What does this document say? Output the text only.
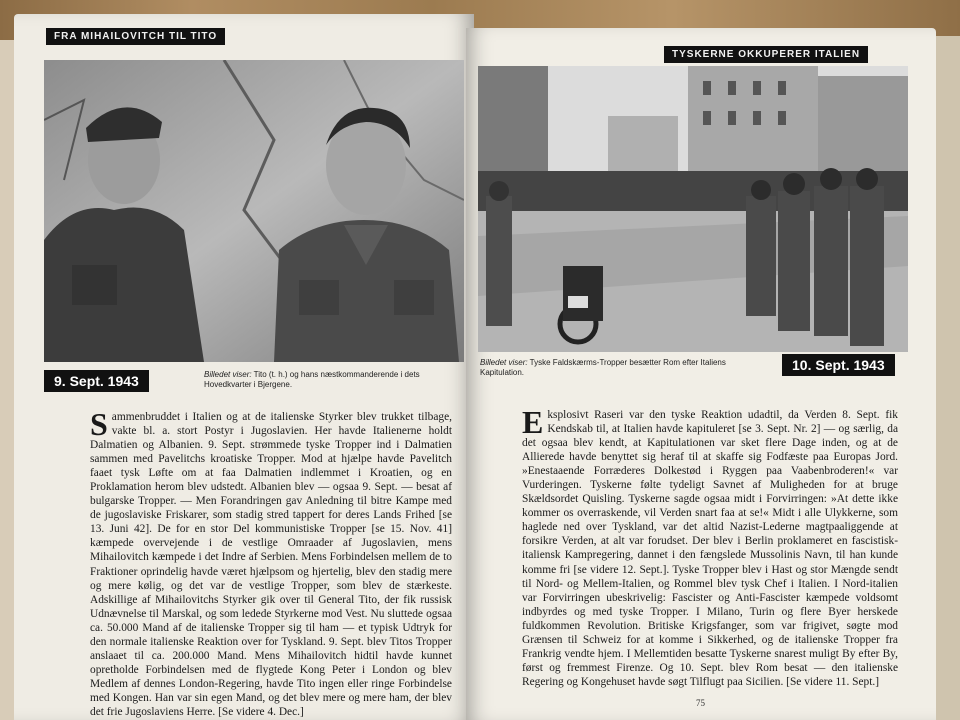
FRA MIHAILOVITCH TIL TITO
9. Sept. 1943	Billedet viser: Tito (t. h.) og hans næstkommanderende i dets Hovedkvarter i Bjergene.

Sammenbruddet i Italien og at de italienske Styrker blev trukket tilbage, vakte bl. a. stort Postyr i Jugoslavien. Her havde Italienerne holdt Dalmatien og Albanien. 9. Sept. strømmede tyske Tropper ind i Dalmatien sammen med Pavelitchs kroatiske Tropper. Mod at hjælpe havde Pavelitch faaet tysk Løfte om at faa Dalmatien indlemmet i Kroatien, og en Proklamation herom blev udstedt. Albanien blev — ogsaa 9. Sept. — besat af bulgarske Tropper. — Men Forandringen gav Anledning til bitre Kampe med de jugoslaviske Friskarer, som stadig stred tappert for deres Lands Frihed [se 13. Juni 42]. De for en stor Del kommunistiske Tropper [se 15. Nov. 41] kæmpede overvejende i de vestlige Omraader af Jugoslavien, mens Mihailovitch kæmpede i det Indre af Serbien. Mens Forbindelsen mellem de to Fraktioner oprindelig havde været hjælpsom og hjertelig, blev den stadig mere og mere kølig, og det var de vestlige Tropper, som blev de stærkeste. Adskillige af Mihailovitchs Styrker gik over til General Tito, der fik russisk Udnævnelse til Marskal, og som ledede Styrkerne mod Vest. Nu sluttede ogsaa ca. 50.000 Mand af de italienske Tropper sig til ham — et typisk Udtryk for den normale italienske Reaktion over for Tyskland. 9. Sept. blev Titos Tropper anslaaet til ca. 200.000 Mand. Mens Mihailovitch hidtil havde kunnet opretholde Forbindelsen med de flygtede Kong Peter i London og blev Medlem af dennes London-Regering, havde Tito ingen eller ringe Forbindelse med Kongen. Han var sin egen Mand, og det blev mere og mere ham, der blev det frie Jugoslaviens Herre. [Se videre 4. Dec.]

TYSKERNE OKKUPERER ITALIEN
Billedet viser: Tyske Faldskærms-Tropper besætter Rom efter Italiens Kapitulation.	10. Sept. 1943

Eksplosivt Raseri var den tyske Reaktion udadtil, da Verden 8. Sept. fik Kendskab til, at Italien havde kapituleret [se 3. Sept. Nr. 2] — og særlig, da det ogsaa blev kendt, at Kapitulationen var sket flere Dage inden, og at de Allierede havde benyttet sig heraf til at skaffe sig Fodfæste paa Europas Jord. »Enestaaende Forræderes Dolkestød i Ryggen paa Vaabenbroderen!« var Vurderingen. Tyskerne følte tydeligt Savnet af Muligheden for at bruge Skældsordet Quisling. Tyskerne sagde ogsaa midt i Forvirringen: »At dette ikke kommer os overraskende, vil Verden snart faa at se!« Midt i alle Ulykkerne, som haglede ned over Tyskland, var det altid Nazist-Lederne magtpaaliggende at forsikre Verden, at alt var forudset. Der blev i Berlin proklameret en fascistisk-italiensk Kampregering, dannet i den fængslede Mussolinis Navn, til han kunde komme fri [se videre 12. Sept.]. Tyske Tropper blev i Hast og stor Mængde sendt til Nord- og Mellem-Italien, og Rommel blev tysk Chef i Italien. I Nord-italien var Forvirringen ubeskrivelig: Fascister og Anti-Fascister kæmpede voldsomt indbyrdes og med tyske Tropper. I Milano, Turin og flere Byer herskede fuldkommen Revolution. Britiske Krigsfanger, som var frigivet, søgte mod Grænsen til Schweiz for at komme i Sikkerhed, og de italienske Tropper fra Frankrig vendte hjem. I Mellemtiden besatte Tyskerne snarest muligt By efter By, først og fremmest Firenze. Og 10. Sept. blev Rom besat — den italienske Regering og Kongehuset havde søgt Tilflugt paa Sicilien. [Se videre 11. Sept.]

75
